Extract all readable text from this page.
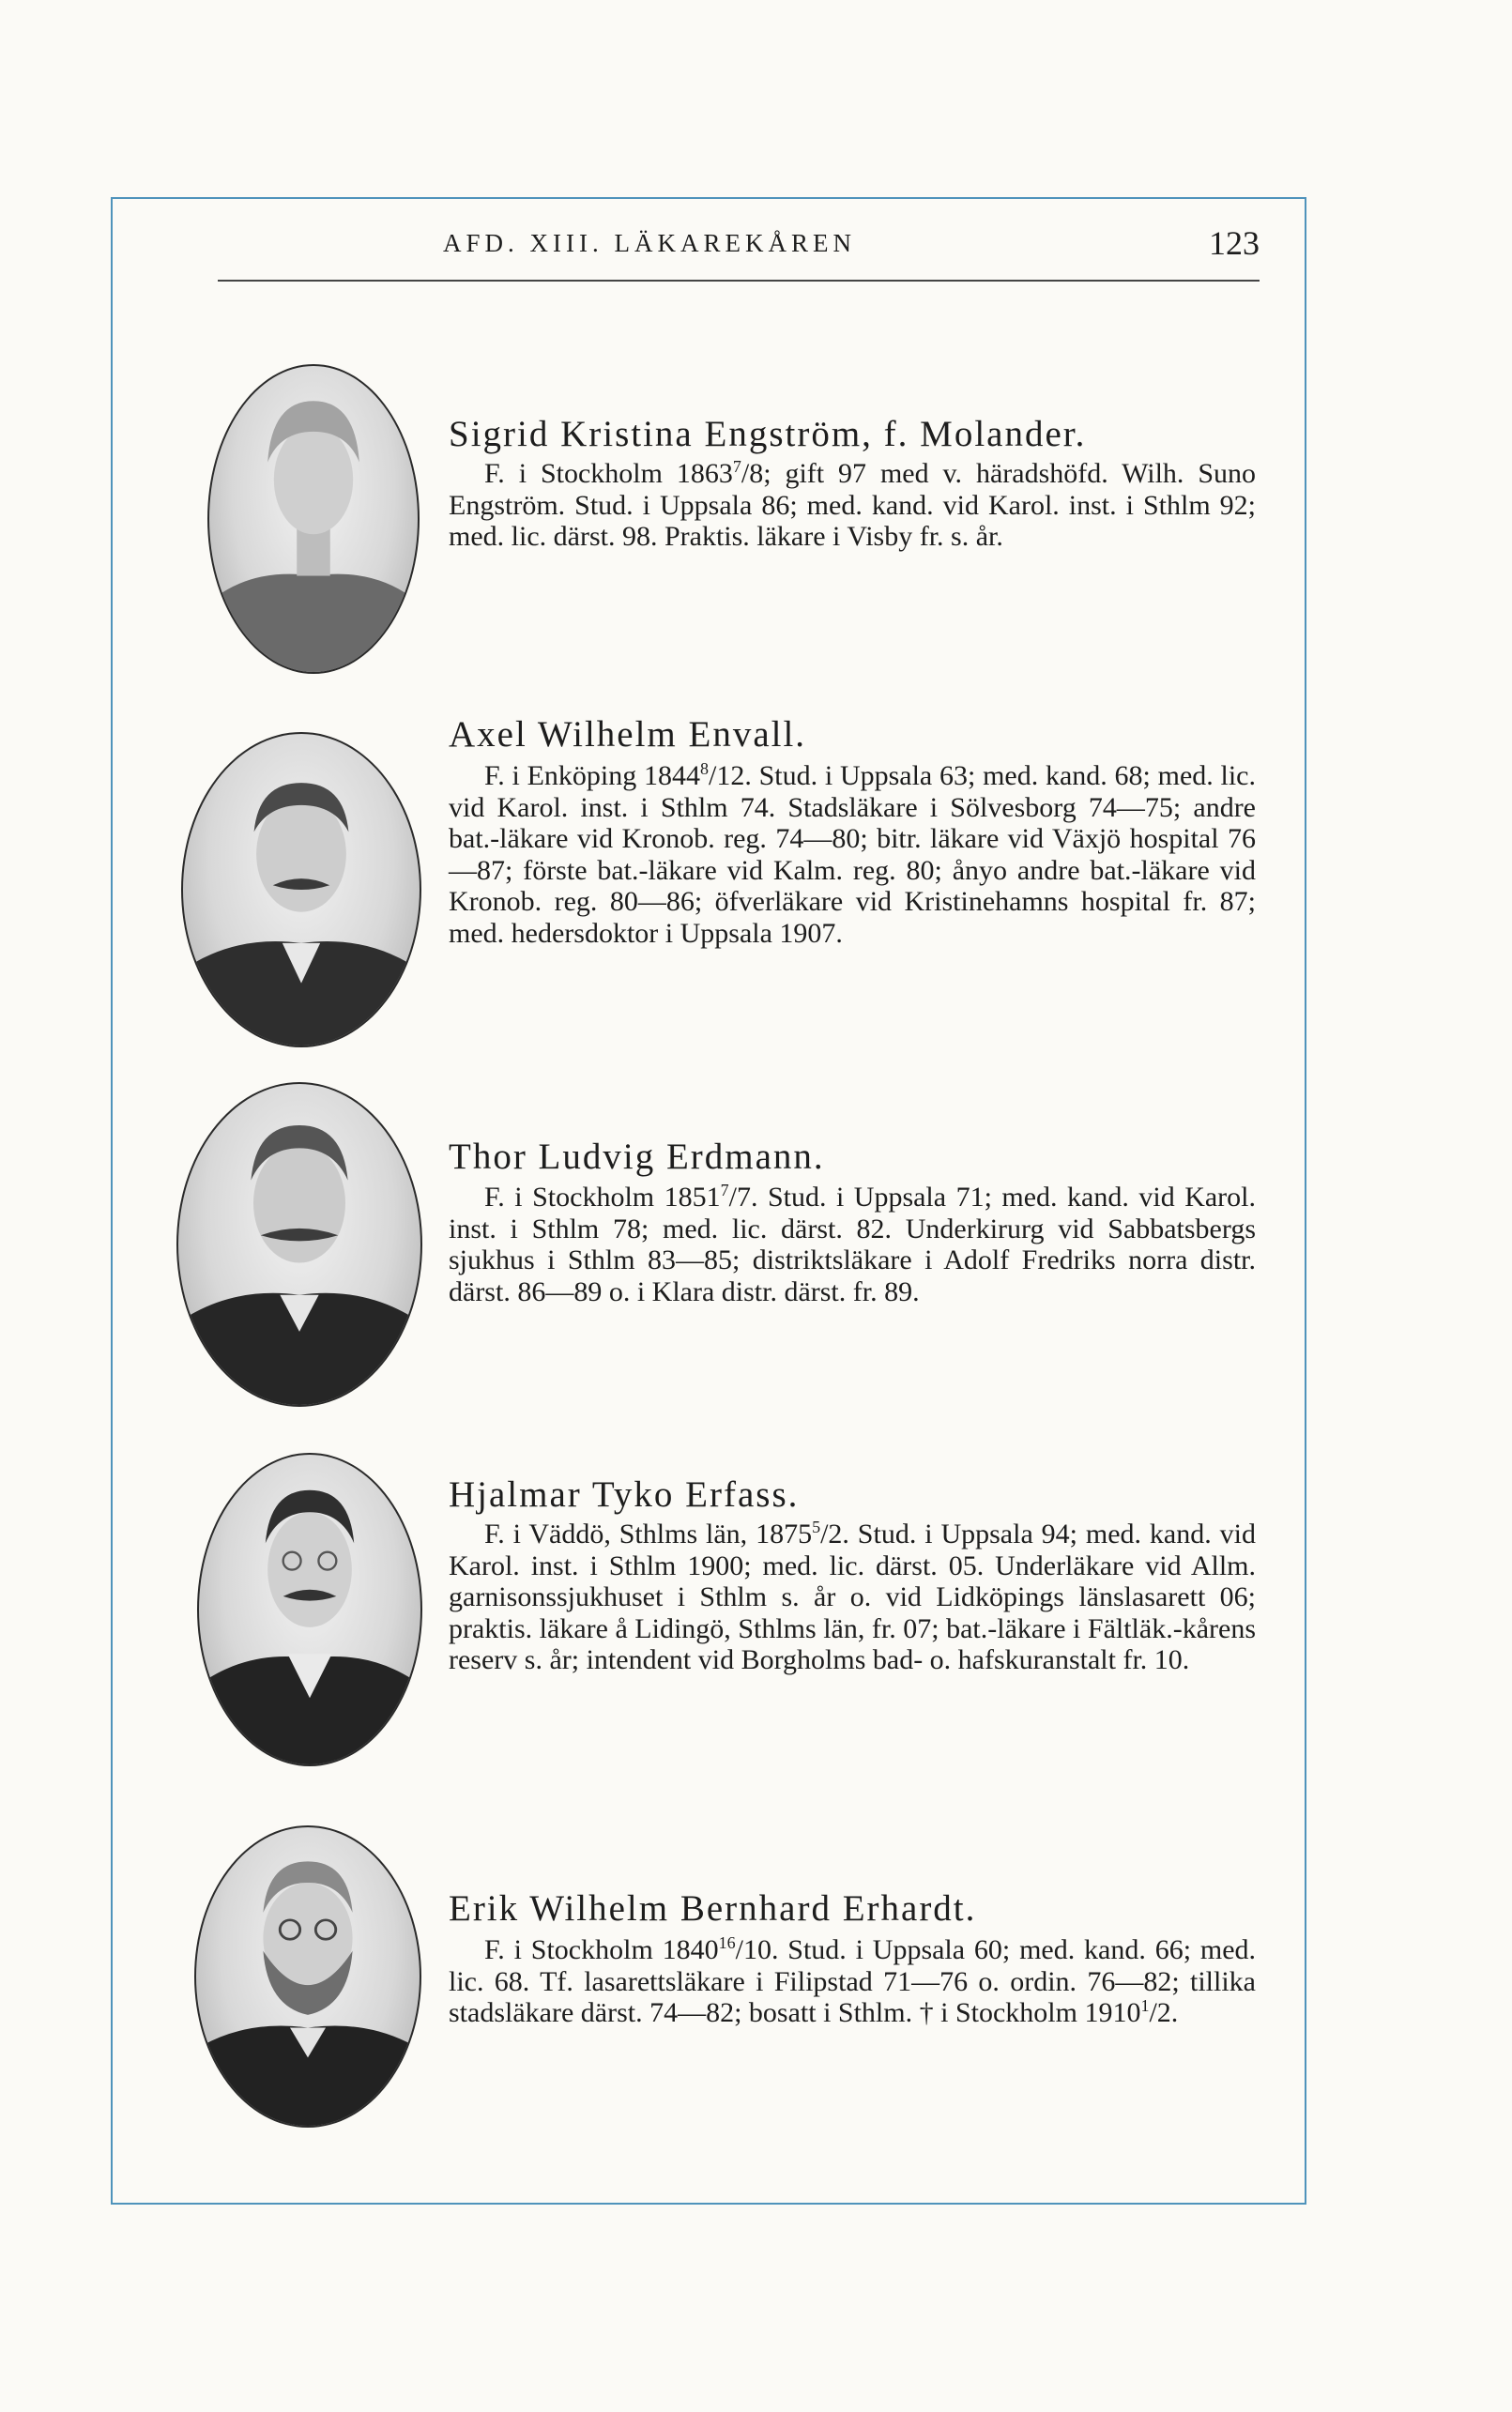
AFD. XIII. LÄKAREKÅREN	123
Sigrid Kristina Engström, f. Molander.
F. i Stockholm 1863$^7$/8; gift 97 med v. häradshöfd. Wilh. Suno Engström. Stud. i Uppsala 86; med. kand. vid Karol. inst. i Sthlm 92; med. lic. därst. 98. Praktis. läkare i Visby fr. s. år.
Axel Wilhelm Envall.
F. i Enköping 1844$^8$/12. Stud. i Uppsala 63; med. kand. 68; med. lic. vid Karol. inst. i Sthlm 74. Stadsläkare i Sölvesborg 74—75; andre bat.-läkare vid Kronob. reg. 74—80; bitr. läkare vid Växjö hospital 76—87; förste bat.-läkare vid Kalm. reg. 80; ånyo andre bat.-läkare vid Kronob. reg. 80—86; öfverläkare vid Kristinehamns hospital fr. 87; med. hedersdoktor i Uppsala 1907.
Thor Ludvig Erdmann.
F. i Stockholm 1851$^7$/7. Stud. i Uppsala 71; med. kand. vid Karol. inst. i Sthlm 78; med. lic. därst. 82. Underkirurg vid Sabbatsbergs sjukhus i Sthlm 83—85; distriktsläkare i Adolf Fredriks norra distr. därst. 86—89 o. i Klara distr. därst. fr. 89.
Hjalmar Tyko Erfass.
F. i Väddö, Sthlms län, 1875$^5$/2. Stud. i Uppsala 94; med. kand. vid Karol. inst. i Sthlm 1900; med. lic. därst. 05. Underläkare vid Allm. garnisonssjukhuset i Sthlm s. år o. vid Lidköpings länslasarett 06; praktis. läkare å Lidingö, Sthlms län, fr. 07; bat.-läkare i Fältläk.-kårens reserv s. år; intendent vid Borgholms bad- o. hafskuranstalt fr. 10.
Erik Wilhelm Bernhard Erhardt.
F. i Stockholm 1840$^{16}$/10. Stud. i Uppsala 60; med. kand. 66; med. lic. 68. Tf. lasarettsläkare i Filipstad 71—76 o. ordin. 76—82; tillika stadsläkare därst. 74—82; bosatt i Sthlm. † i Stockholm 1910$^1$/2.
